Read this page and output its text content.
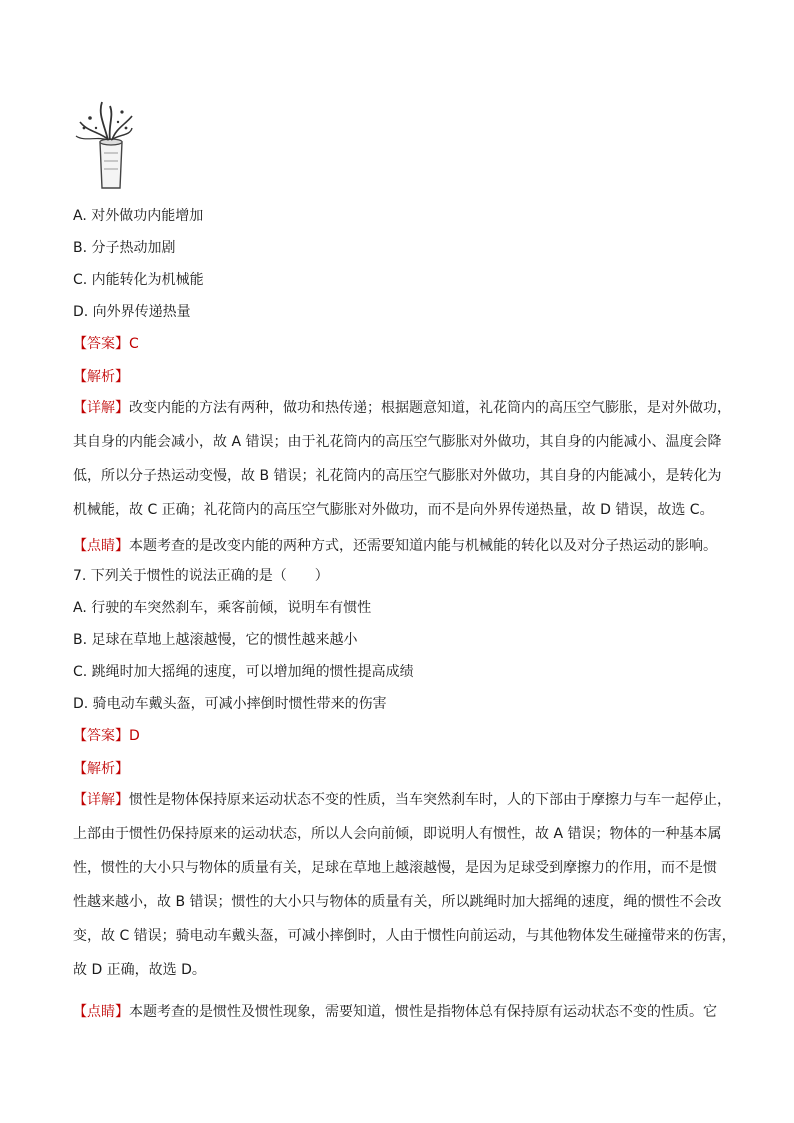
A. 对外做功内能增加
B. 分子热动加剧
C. 内能转化为机械能
D. 向外界传递热量
【答案】C
【解析】
【详解】改变内能的方法有两种，做功和热传递；根据题意知道，礼花筒内的高压空气膨胀，是对外做功，
其自身的内能会减小，故 A 错误；由于礼花筒内的高压空气膨胀对外做功，其自身的内能减小、温度会降
低，所以分子热运动变慢，故 B 错误；礼花筒内的高压空气膨胀对外做功，其自身的内能减小，是转化为
机械能，故 C 正确；礼花筒内的高压空气膨胀对外做功，而不是向外界传递热量，故 D 错误，故选 C。
【点睛】本题考查的是改变内能的两种方式，还需要知道内能与机械能的转化以及对分子热运动的影响。
7. 下列关于惯性的说法正确的是（　　）
A. 行驶的车突然刹车，乘客前倾，说明车有惯性
B. 足球在草地上越滚越慢，它的惯性越来越小
C. 跳绳时加大摇绳的速度，可以增加绳的惯性提高成绩
D. 骑电动车戴头盔，可减小摔倒时惯性带来的伤害
【答案】D
【解析】
【详解】惯性是物体保持原来运动状态不变的性质，当车突然刹车时，人的下部由于摩擦力与车一起停止，
上部由于惯性仍保持原来的运动状态，所以人会向前倾，即说明人有惯性，故 A 错误；物体的一种基本属
性，惯性的大小只与物体的质量有关，足球在草地上越滚越慢，是因为足球受到摩擦力的作用，而不是惯
性越来越小，故 B 错误；惯性的大小只与物体的质量有关，所以跳绳时加大摇绳的速度，绳的惯性不会改
变，故 C 错误；骑电动车戴头盔，可减小摔倒时，人由于惯性向前运动，与其他物体发生碰撞带来的伤害，
故 D 正确，故选 D。
【点睛】本题考查的是惯性及惯性现象，需要知道，惯性是指物体总有保持原有运动状态不变的性质。它
